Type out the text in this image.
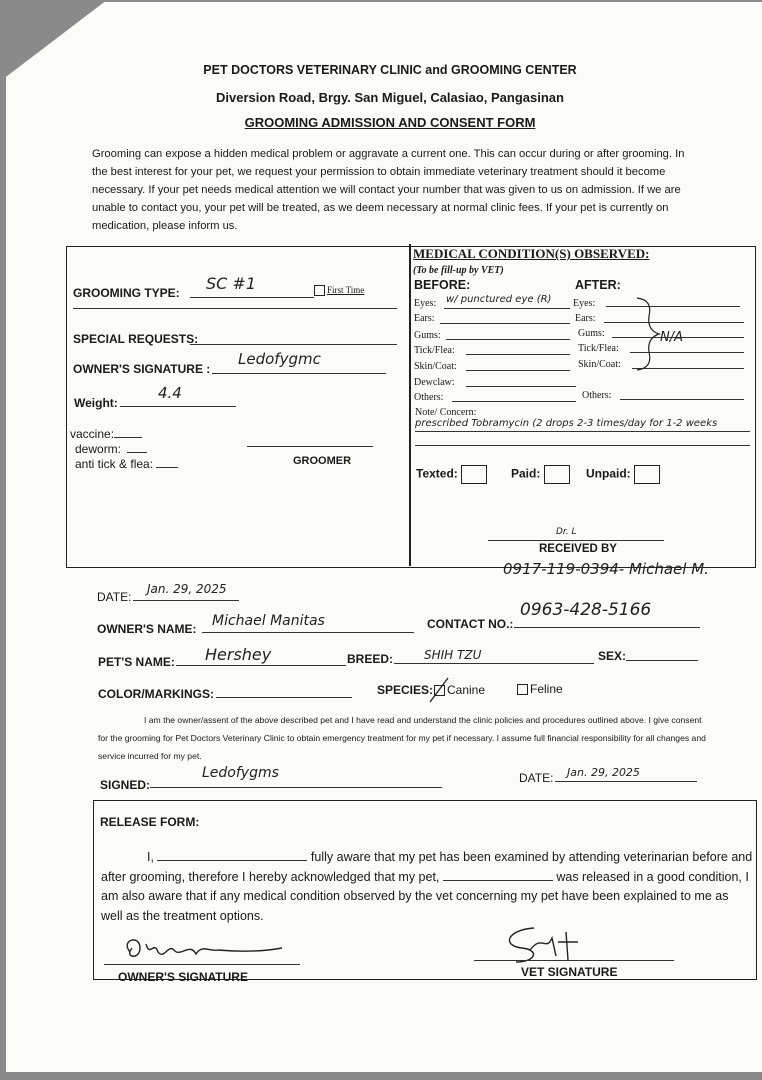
PET DOCTORS VETERINARY CLINIC and GROOMING CENTER
Diversion Road, Brgy. San Miguel, Calasiao, Pangasinan
GROOMING ADMISSION AND CONSENT FORM
Grooming can expose a hidden medical problem or aggravate a current one. This can occur during or after grooming. In the best interest for your pet, we request your permission to obtain immediate veterinary treatment should it become necessary. If your pet needs medical attention we will contact your number that was given to us on admission. If we are unable to contact you, your pet will be treated, as we deem necessary at normal clinic fees. If your pet is currently on medication, please inform us.
GROOMING TYPE: SC #1	First Time
SPECIAL REQUESTS:
OWNER'S SIGNATURE :
Ledofygmc
Weight:
4.4
vaccine:
deworm:
anti tick & flea:	GROOMER
MEDICAL CONDITION(S) OBSERVED:
(To be fill-up by VET)
BEFORE:	AFTER:
Eyes: w/ punctured eye (R) Eyes:
Ears:	Ears:
Gums:	Gums:
Tick/Flea:	Tick/Flea:
Skin/Coat:	Skin/Coat:
N/A
Dewclaw:
Others:	Others:
Note/ Concern:
prescribed Tobramycin (2 drops 2-3 times/day for 1-2 weeks
Texted:	Paid:	Unpaid:
Dr. L
RECEIVED BY
0917-119-0394- Michael M.
DATE:
Jan. 29, 2025
OWNER'S NAME: Michael Manitas	CONTACT NO.:
0963-428-5166
PET'S NAME: Hershey	BREED:	SHIH TZU	SEX:
COLOR/MARKINGS:	SPECIES:	Canine	Feline
I am the owner/assent of the above described pet and I have read and understand the clinic policies and procedures outlined above. I give consent for the grooming for Pet Doctors Veterinary Clinic to obtain emergency treatment for my pet if necessary. I assume full financial responsibility for all changes and service incurred for my pet.
SIGNED:
Ledofygms	DATE: Jan. 29, 2025
RELEASE FORM:
I,	fully aware that my pet has been examined by attending veterinarian before and after grooming, therefore I hereby acknowledged that my pet,	was released in a good condition, I am also aware that if any medical condition observed by the vet concerning my pet have been explained to me as well as the treatment options.
OWNER'S SIGNATURE	VET SIGNATURE
